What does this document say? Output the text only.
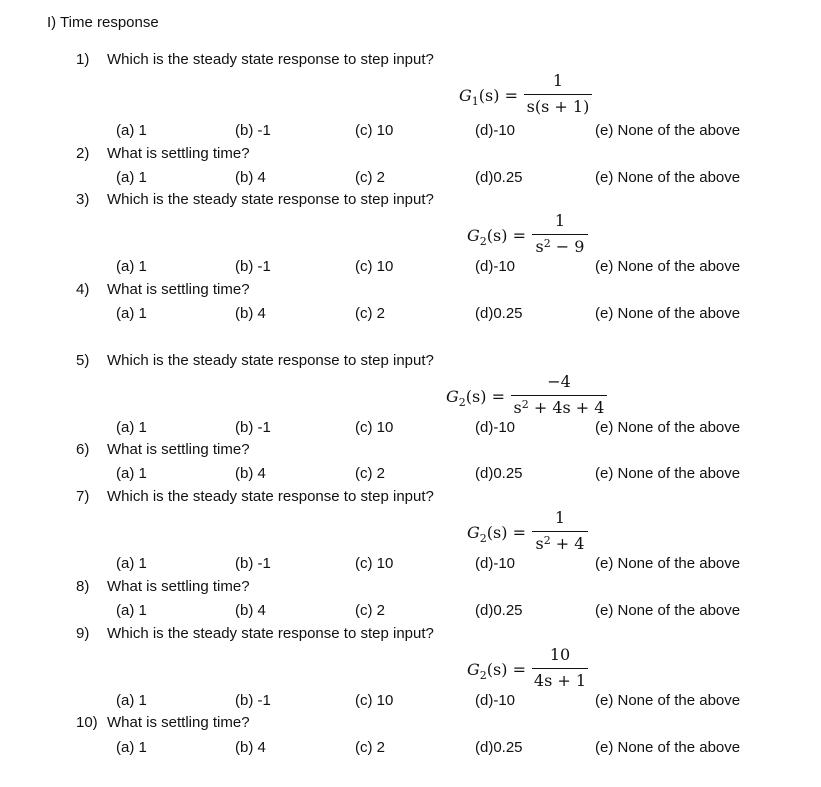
I) Time response
1) Which is the steady state response to step input?
$G_1(s)$ =
1
s(s + 1)
(a) 1	(b) -1	(c) 10	(d)-10	(e) None of the above
2) What is settling time?
(a) 1	(b) 4	(c) 2	(d)0.25	(e) None of the above
3) Which is the steady state response to step input?
$G_2(s)$ =
1
$s^2 - 9$
(a) 1	(b) -1	(c) 10	(d)-10	(e) None of the above
4) What is settling time?
(a) 1	(b) 4	(c) 2	(d)0.25	(e) None of the above
5) Which is the steady state response to step input?
$G_2(s)$ =
−4
$s^2 + 4s + 4$
(a) 1	(b) -1	(c) 10	(d)-10	(e) None of the above
6) What is settling time?
(a) 1	(b) 4	(c) 2	(d)0.25	(e) None of the above
7) Which is the steady state response to step input?
$G_2(s)$ =
1
$s^2 + 4$
(a) 1	(b) -1	(c) 10	(d)-10	(e) None of the above
8) What is settling time?
(a) 1	(b) 4	(c) 2	(d)0.25	(e) None of the above
9) Which is the steady state response to step input?
$G_2(s)$ =
10
4s + 1
(a) 1	(b) -1	(c) 10	(d)-10	(e) None of the above
10) What is settling time?
(a) 1	(b) 4	(c) 2	(d)0.25	(e) None of the above
